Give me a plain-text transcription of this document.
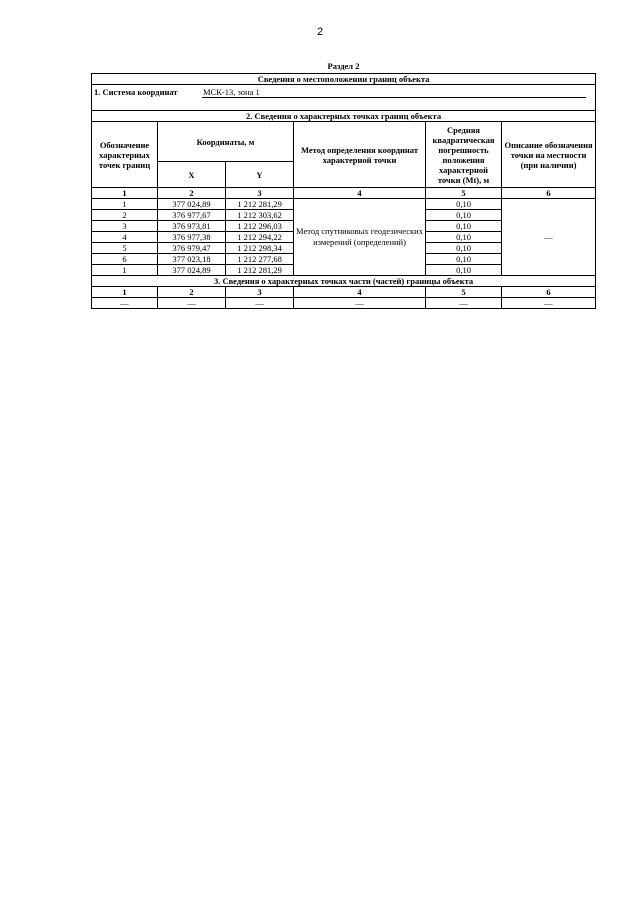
2
Раздел 2
Сведения о местоположении границ объекта					
1. Система координат МСК-13, зона 1					
2. Сведения о характерных точках границ объекта					
Обозначение характерных точек границ	Координаты, м		Метод определения координат характерной точки	Средняя квадратическая погрешность положения характерной точки (Mt), м	Описание обозначения точки на местности (при наличии)
	X	Y			
1	2	3	4	5	6
1	377 024,89	1 212 281,29	Метод спутниковых геодезических измерений (определений)	0,10	—
2	376 977,67	1 212 303,62		0,10	
3	376 973,81	1 212 296,03		0,10	
4	376 977,38	1 212 294,22		0,10	
5	376 979,47	1 212 298,34		0,10	
6	377 023,18	1 212 277,68		0,10	
1	377 024,89	1 212 281,29		0,10	
3. Сведения о характерных точках части (частей) границы объекта					
1	2	3	4	5	6
—	—	—	—	—	—
